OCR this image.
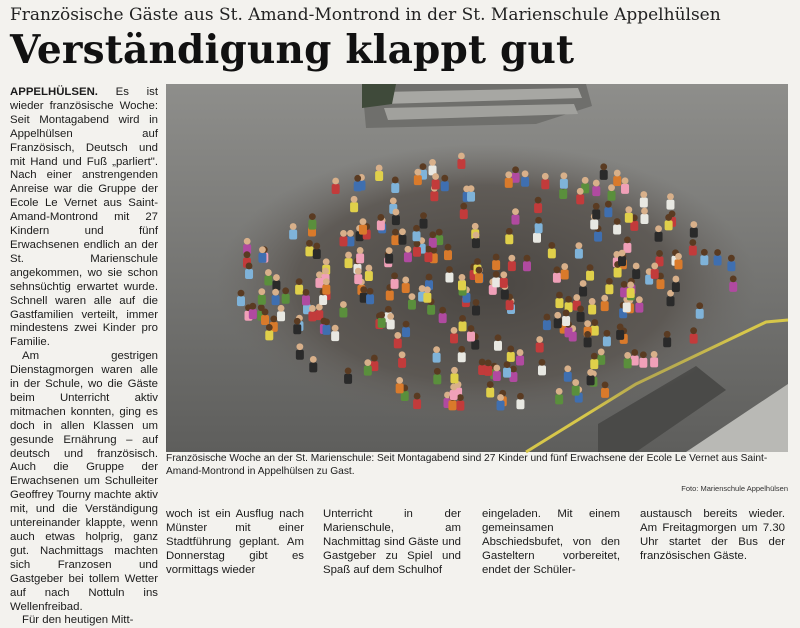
Französische Gäste aus St. Amand-Montrond in der St. Marienschule Appelhülsen
Verständigung klappt gut

APPELHÜLSEN. Es ist wieder französische Woche: Seit Montagabend wird in Appelhülsen auf Französisch, Deutsch und mit Hand und Fuß „parliert". Nach einer anstrengenden Anreise war die Gruppe der Ecole Le Vernet aus Saint-Amand-Montrond mit 27 Kindern und fünf Erwachsenen endlich an der St. Marienschule angekommen, wo sie schon sehnsüchtig erwartet wurde. Schnell waren alle auf die Gastfamilien verteilt, immer mindestens zwei Kinder pro Familie.

Am gestrigen Dienstagmorgen waren alle in der Schule, wo die Gäste beim Unterricht aktiv mitmachen konnten, ging es doch in allen Klassen um gesunde Ernährung – auf deutsch und französisch. Auch die Gruppe der Erwachsenen um Schulleiter Geoffrey Tourny machte aktiv mit, und die Verständigung untereinander klappte, wenn auch etwas holprig, ganz gut. Nachmittags machten sich Franzosen und Gastgeber bei tollem Wetter auf nach Nottuln ins Wellenfreibad.

Für den heutigen Mitt-

Französische Woche an der St. Marienschule: Seit Montagabend sind 27 Kinder und fünf Erwachsene der Ecole Le Vernet aus Saint-Amand-Montrond in Appelhülsen zu Gast.
Foto: Marienschule Appelhülsen

woch ist ein Ausflug nach Münster mit einer Stadtführung geplant. Am Donnerstag gibt es vormittags wieder

Unterricht in der Marienschule, am Nachmittag sind Gäste und Gastgeber zu Spiel und Spaß auf dem Schulhof

eingeladen. Mit einem gemeinsamen Abschiedsbufet, von den Gasteltern vorbereitet, endet der Schüler-

austausch bereits wieder. Am Freitagmorgen um 7.30 Uhr startet der Bus der französischen Gäste.
